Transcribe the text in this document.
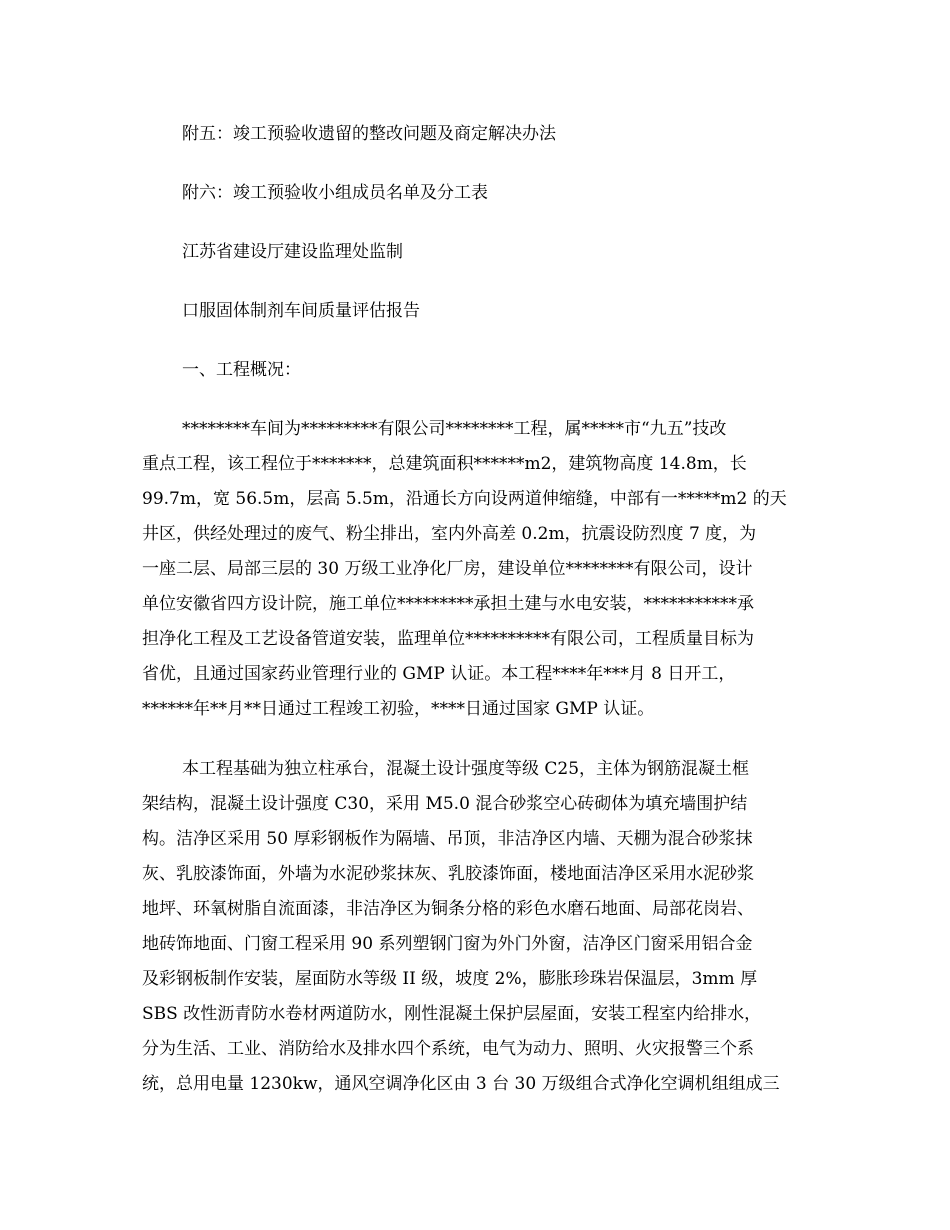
附五：竣工预验收遗留的整改问题及商定解决办法
附六：竣工预验收小组成员名单及分工表
江苏省建设厅建设监理处监制
口服固体制剂车间质量评估报告
一、工程概况：
********车间为*********有限公司********工程，属*****市“九五”技改
重点工程，该工程位于*******，总建筑面积******m2，建筑物高度 14.8m，长
99.7m，宽 56.5m，层高 5.5m，沿通长方向设两道伸缩缝，中部有一*****m2 的天
井区，供经处理过的废气、粉尘排出，室内外高差 0.2m，抗震设防烈度 7 度，为
一座二层、局部三层的 30 万级工业净化厂房，建设单位********有限公司，设计
单位安徽省四方设计院，施工单位*********承担土建与水电安装，***********承
担净化工程及工艺设备管道安装，监理单位**********有限公司，工程质量目标为
省优，且通过国家药业管理行业的 GMP 认证。本工程****年***月 8 日开工，
******年**月**日通过工程竣工初验，****日通过国家 GMP 认证。
本工程基础为独立柱承台，混凝土设计强度等级 C25，主体为钢筋混凝土框
架结构，混凝土设计强度 C30，采用 M5.0 混合砂浆空心砖砌体为填充墙围护结
构。洁净区采用 50 厚彩钢板作为隔墙、吊顶，非洁净区内墙、天棚为混合砂浆抹
灰、乳胶漆饰面，外墙为水泥砂浆抹灰、乳胶漆饰面，楼地面洁净区采用水泥砂浆
地坪、环氧树脂自流面漆，非洁净区为铜条分格的彩色水磨石地面、局部花岗岩、
地砖饰地面、门窗工程采用 90 系列塑钢门窗为外门外窗，洁净区门窗采用铝合金
及彩钢板制作安装，屋面防水等级 II 级，坡度 2%，膨胀珍珠岩保温层，3mm 厚
SBS 改性沥青防水卷材两道防水，刚性混凝土保护层屋面，安装工程室内给排水，
分为生活、工业、消防给水及排水四个系统，电气为动力、照明、火灾报警三个系
统，总用电量 1230kw，通风空调净化区由 3 台 30 万级组合式净化空调机组组成三
